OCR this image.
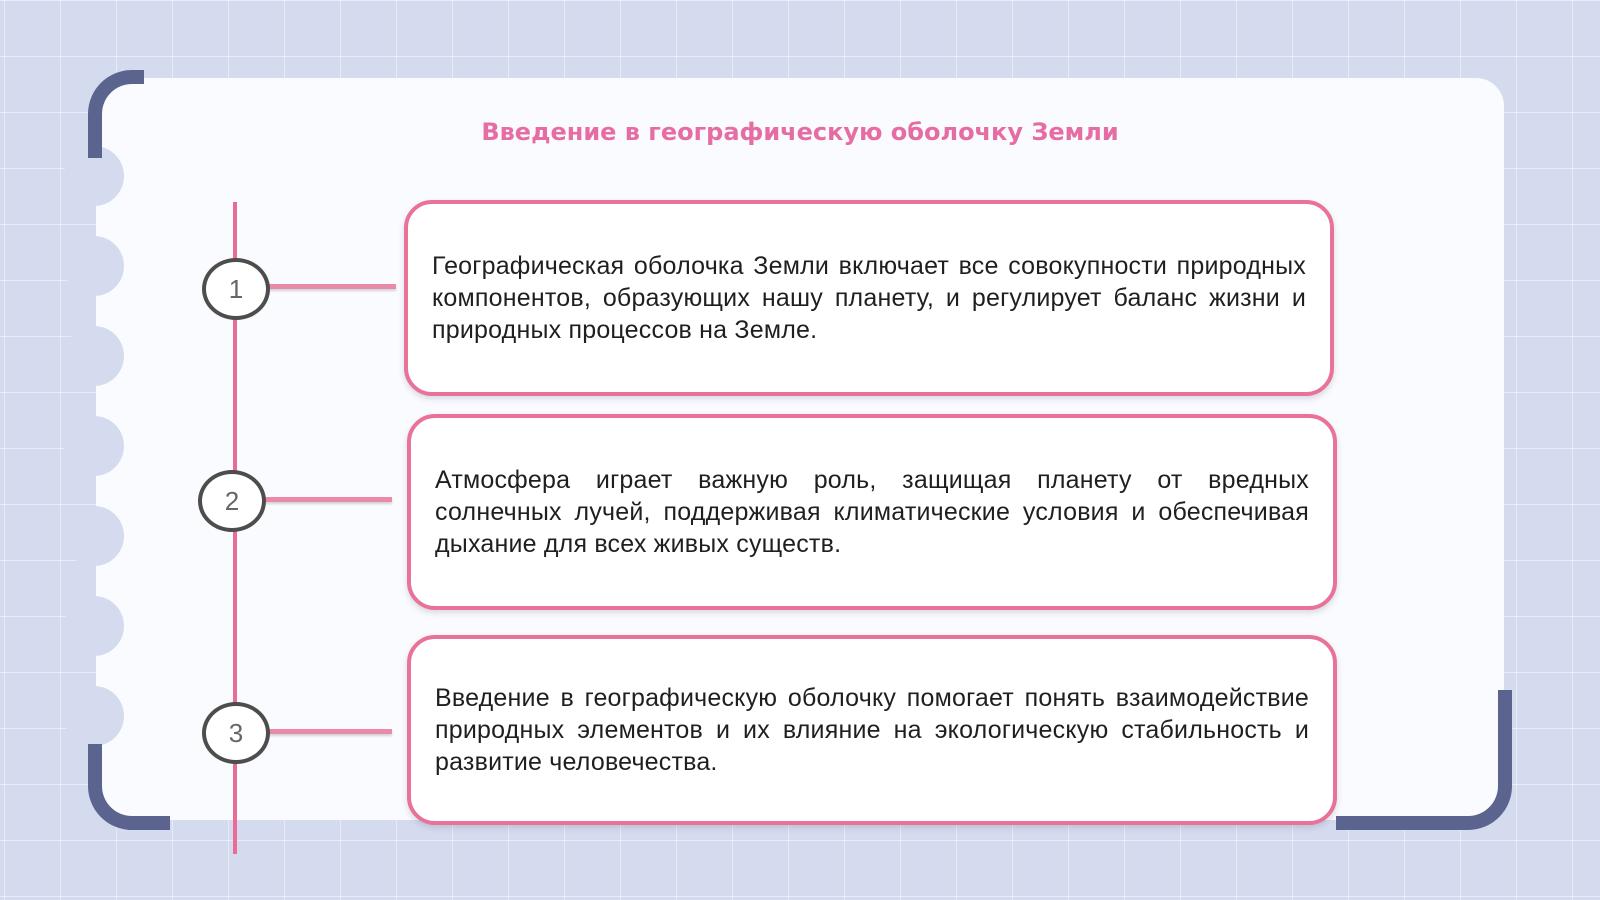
Введение в географическую оболочку Земли
1
Географическая оболочка Земли включает все совокупности природных компонентов, образующих нашу планету, и регулирует баланс жизни и природных процессов на Земле.
2
Атмосфера играет важную роль, защищая планету от вредных солнечных лучей, поддерживая климатические условия и обеспечивая дыхание для всех живых существ.
3
Введение в географическую оболочку помогает понять взаимодействие природных элементов и их влияние на экологическую стабильность и развитие человечества.
